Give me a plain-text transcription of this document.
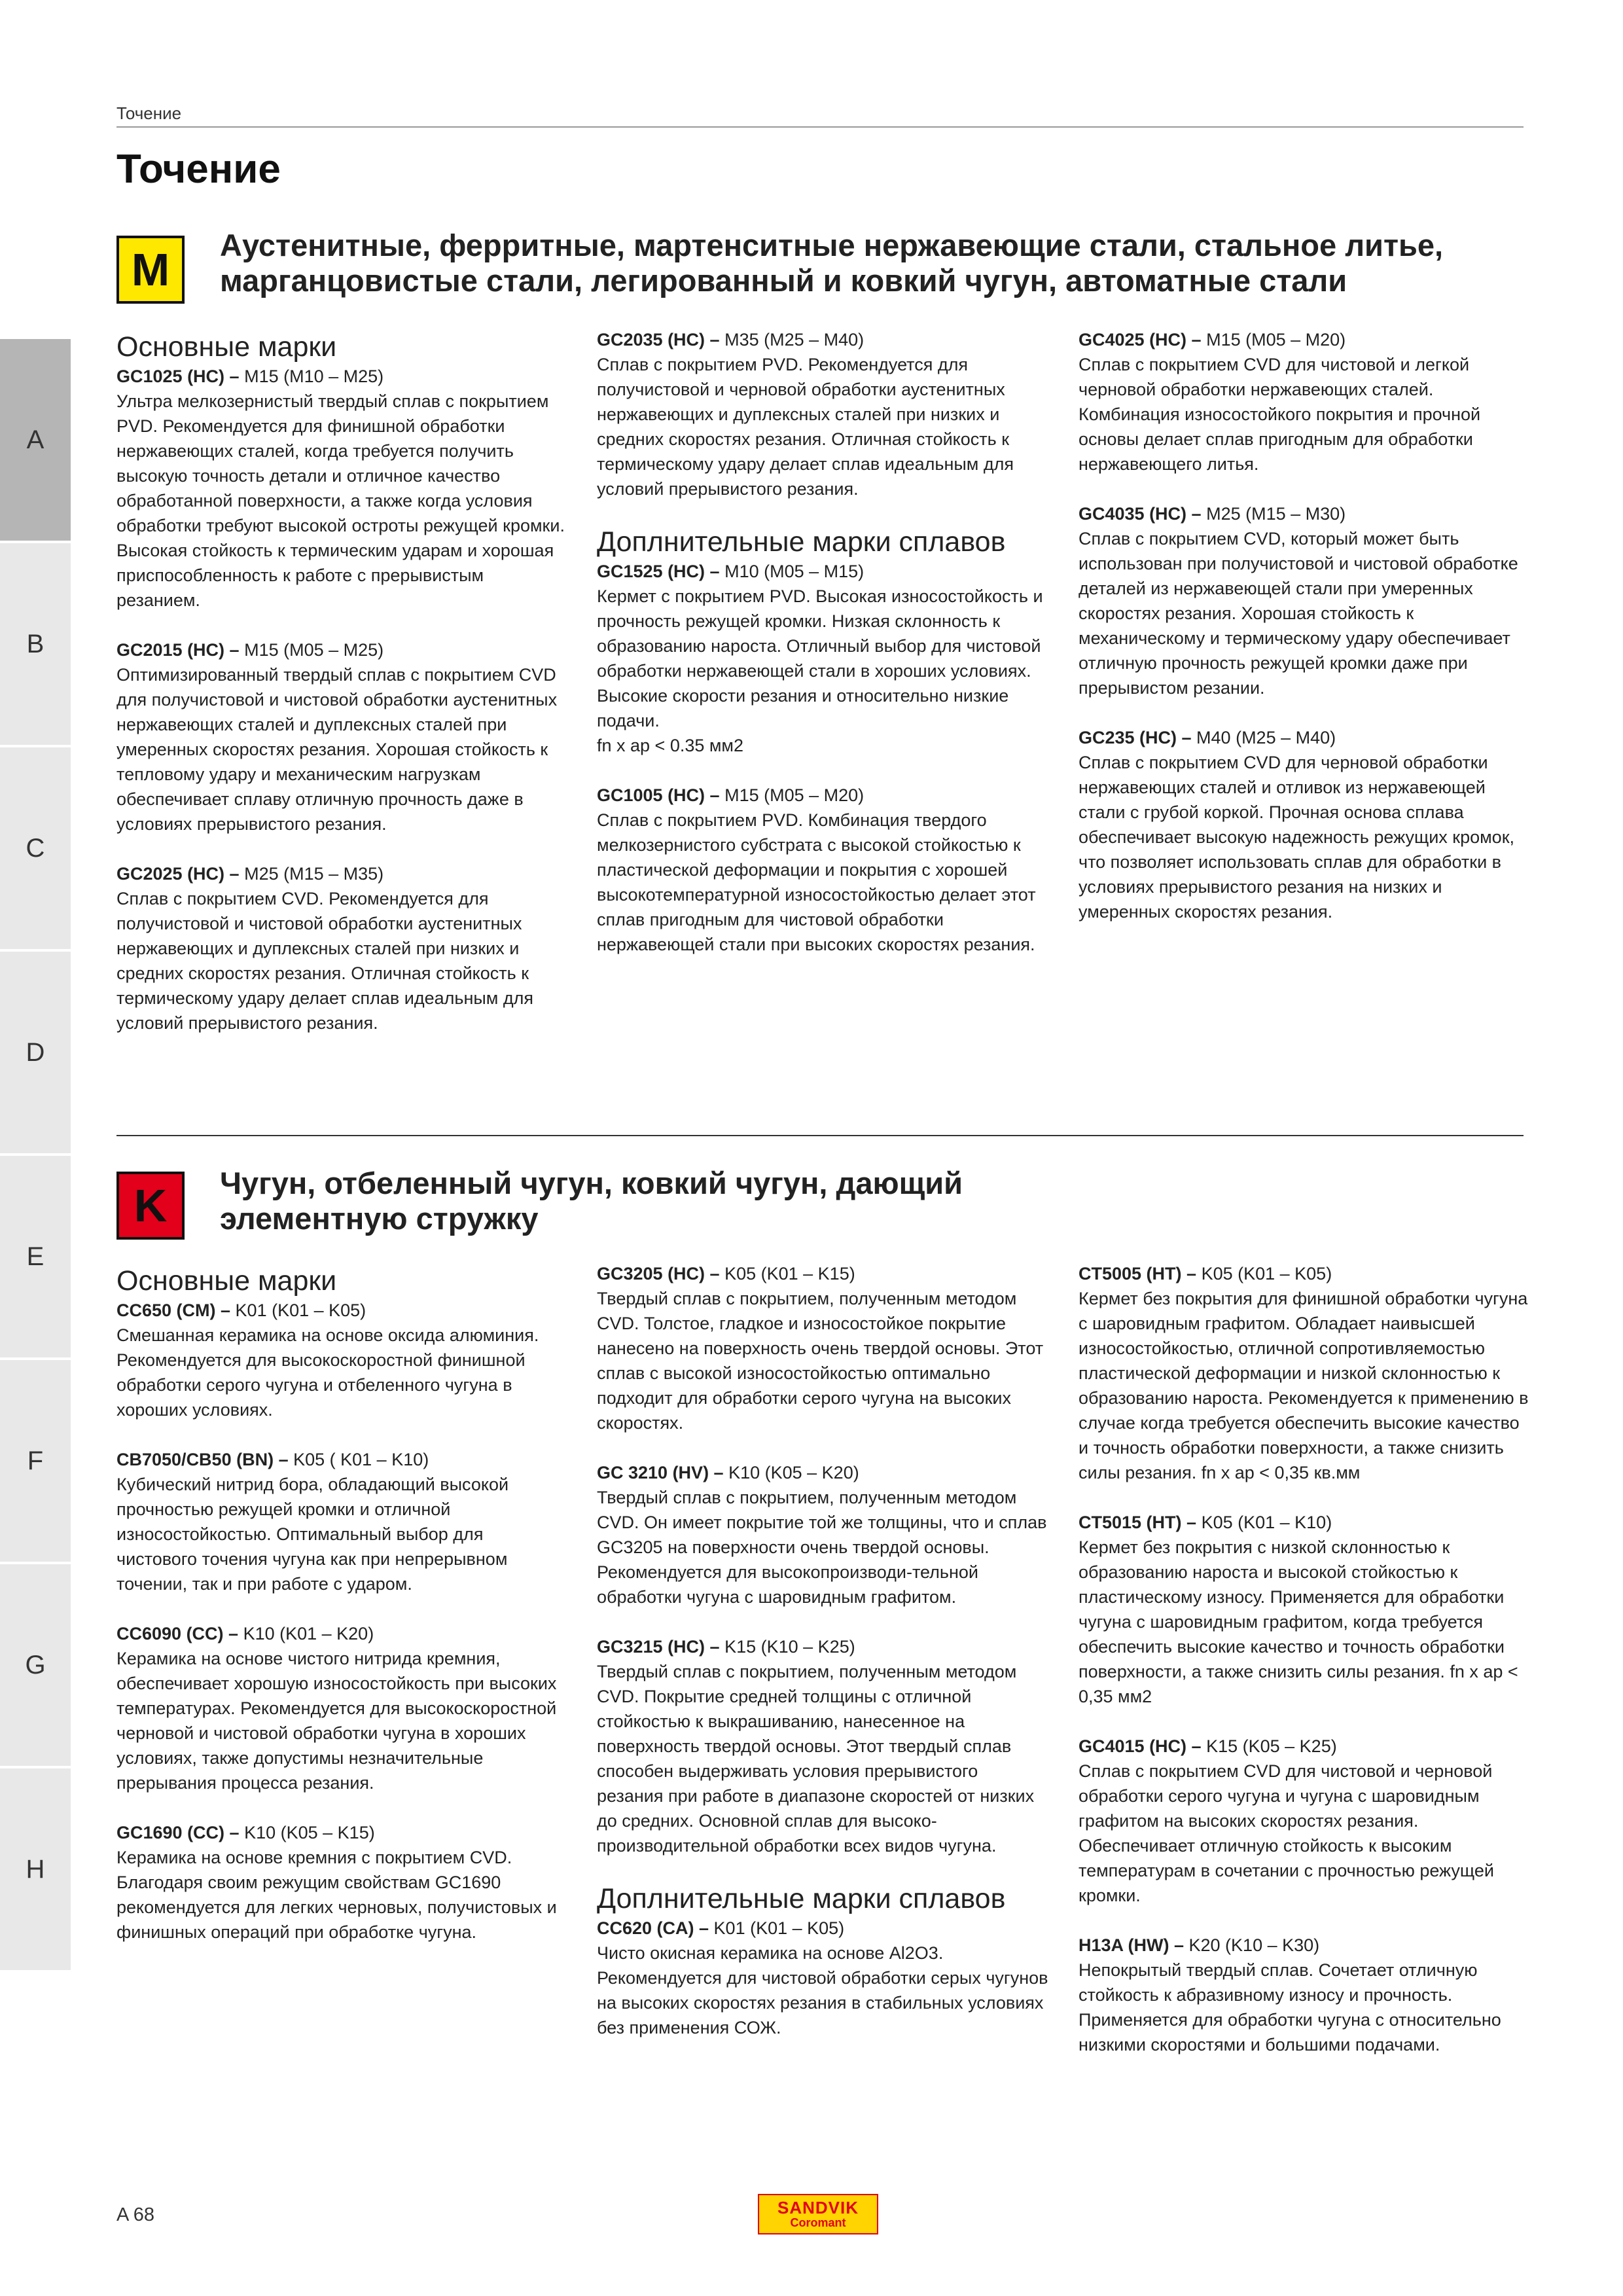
Точение
Точение
A
B
C
D
E
F
G
H
M	Аустенитные, ферритные, мартенситные нержавеющие стали, стальное литье,
марганцовистые стали, легированный и ковкий чугун, автоматные стали
Основные марки
GC1025 (HC) – M15 (M10 – M25)
Ультра мелкозернистый твердый сплав с покрытием PVD. Рекомендуется для финишной обработки нержавеющих сталей, когда требуется получить высокую точность детали и отличное качество обработанной поверхности, а также когда условия обработки требуют высокой остроты режущей кромки. Высокая стойкость к термическим ударам и хорошая приспособленность к работе с прерывистым резанием.
GC2015 (HC) – M15 (M05 – M25)
Оптимизированный твердый сплав с покрытием CVD для получистовой и чистовой обработки аустенитных нержавеющих сталей и дуплексных сталей при умеренных скоростях резания. Хорошая стойкость к тепловому удару и механическим нагрузкам обеспечивает сплаву отличную прочность даже в условиях прерывистого резания.
GC2025 (HC) – M25 (M15 – M35)
Сплав с покрытием CVD. Рекомендуется для получистовой и чистовой обработки аустенитных нержавеющих и дуплексных сталей при низких и средних скоростях резания. Отличная стойкость к термическому удару делает сплав идеальным для условий прерывистого резания.
GC2035 (HC) – M35 (M25 – M40)
Сплав с покрытием PVD. Рекомендуется для получистовой и черновой обработки аустенитных нержавеющих и дуплексных сталей при низких и средних скоростях резания. Отличная стойкость к термическому удару делает сплав идеальным для условий прерывистого резания.
Доплнительные марки сплавов
GC1525 (HC) – M10 (M05 – M15)
Кермет с покрытием PVD. Высокая износостойкость и прочность режущей кромки. Низкая склонность к образованию нароста. Отличный выбор для чистовой обработки нержавеющей стали в хороших условиях. Высокие скорости резания и относительно низкие подачи.
fn x ap < 0.35 мм2
GC1005 (HC) – M15 (M05 – M20)
Сплав с покрытием PVD. Комбинация твердого мелкозернистого субстрата с высокой стойкостью к пластической деформации и покрытия с хорошей высокотемпературной износостойкостью делает этот сплав пригодным для чистовой обработки нержавеющей стали при высоких скоростях резания.
GC4025 (HC) – M15 (M05 – M20)
Сплав с покрытием CVD для чистовой и легкой черновой обработки нержавеющих сталей. Комбинация износостойкого покрытия и прочной основы делает сплав пригодным для обработки нержавеющего литья.
GC4035 (HC) – M25 (M15 – M30)
Сплав с покрытием CVD, который может быть использован при получистовой и чистовой обработке деталей из нержавеющей стали при умеренных скоростях резания. Хорошая стойкость к механическому и термическому удару обеспечивает отличную прочность режущей кромки даже при прерывистом резании.
GC235 (HC) – M40 (M25 – M40)
Сплав с покрытием CVD для черновой обработки нержавеющих сталей и отливок из нержавеющей стали с грубой коркой. Прочная основа сплава обеспечивает высокую надежность режущих кромок, что позволяет использовать сплав для обработки в условиях прерывистого резания на низких и умеренных скоростях резания.
K	Чугун, отбеленный чугун, ковкий чугун, дающий
элементную стружку
Основные марки
CC650 (CM) – K01 (K01 – K05)
Смешанная керамика на основе оксида алюминия. Рекомендуется для высокоскоростной финишной обработки серого чугуна и отбеленного чугуна в хороших условиях.
CB7050/CB50 (BN) – K05 ( K01 – K10)
Кубический нитрид бора, обладающий высокой прочностью режущей кромки и отличной износостойкостью. Оптимальный выбор для чистового точения чугуна как при непрерывном точении, так и при работе с ударом.
CC6090 (CC) – K10 (K01 – K20)
Керамика на основе чистого нитрида кремния, обеспечивает хорошую износостойкость при высоких температурах. Рекомендуется для высокоскоростной черновой и чистовой обработки чугуна в хороших условиях, также допустимы незначительные прерывания процесса резания.
GC1690 (CC) – K10 (K05 – K15)
Керамика на основе кремния с покрытием CVD. Благодаря своим режущим свойствам GC1690 рекомендуется для легких черновых, получистовых и финишных операций при обработке чугуна.
GC3205 (HC) – K05 (K01 – K15)
Твердый сплав с покрытием, полученным методом CVD. Толстое, гладкое и износостойкое покрытие нанесено на поверхность очень твердой основы. Этот сплав с высокой износостойкостью оптимально подходит для обработки серого чугуна на высоких скоростях.
GC 3210 (HV) – K10 (K05 – K20)
Твердый сплав с покрытием, полученным методом CVD. Он имеет покрытие той же толщины, что и сплав GC3205 на поверхности очень твердой основы. Рекомендуется для высокопроизводи-тельной обработки чугуна с шаровидным графитом.
GC3215 (HC) – K15 (K10 – K25)
Твердый сплав с покрытием, полученным методом CVD. Покрытие средней толщины с отличной стойкостью к выкрашиванию, нанесенное на поверхность твердой основы. Этот твердый сплав способен выдерживать условия прерывистого резания при работе в диапазоне скоростей от низких до средних. Основной сплав для высоко-производительной обработки всех видов чугуна.
Доплнительные марки сплавов
CC620 (CA) – K01 (K01 – K05)
Чисто окисная керамика на основе Al2O3. Рекомендуется для чистовой обработки серых чугунов на высоких скоростях резания в стабильных условиях без применения СОЖ.
CT5005 (HT) – K05 (K01 – K05)
Кермет без покрытия для финишной обработки чугуна с шаровидным графитом. Обладает наивысшей износостойкостью, отличной сопротивляемостью пластической деформации и низкой склонностью к образованию нароста. Рекомендуется к применению в случае когда требуется обеспечить высокие качество и точность обработки поверхности, а также снизить силы резания. fn x ap < 0,35 кв.мм
CT5015 (HT) – K05 (K01 – K10)
Кермет без покрытия с низкой склонностью к образованию нароста и высокой стойкостью к пластическому износу. Применяется для обработки чугуна с шаровидным графитом, когда требуется обеспечить высокие качество и точность обработки поверхности, а также снизить силы резания. fn x ap < 0,35 мм2
GC4015 (HC) – K15 (K05 – K25)
Сплав с покрытием CVD для чистовой и черновой обработки серого чугуна и чугуна с шаровидным графитом на высоких скоростях резания. Обеспечивает отличную стойкость к высоким температурам в сочетании с прочностью режущей кромки.
H13A (HW) – K20 (K10 – K30)
Непокрытый твердый сплав. Сочетает отличную стойкость к абразивному износу и прочность. Применяется для обработки чугуна с относительно низкими скоростями и большими подачами.
A 68	SANDVIK
Coromant
